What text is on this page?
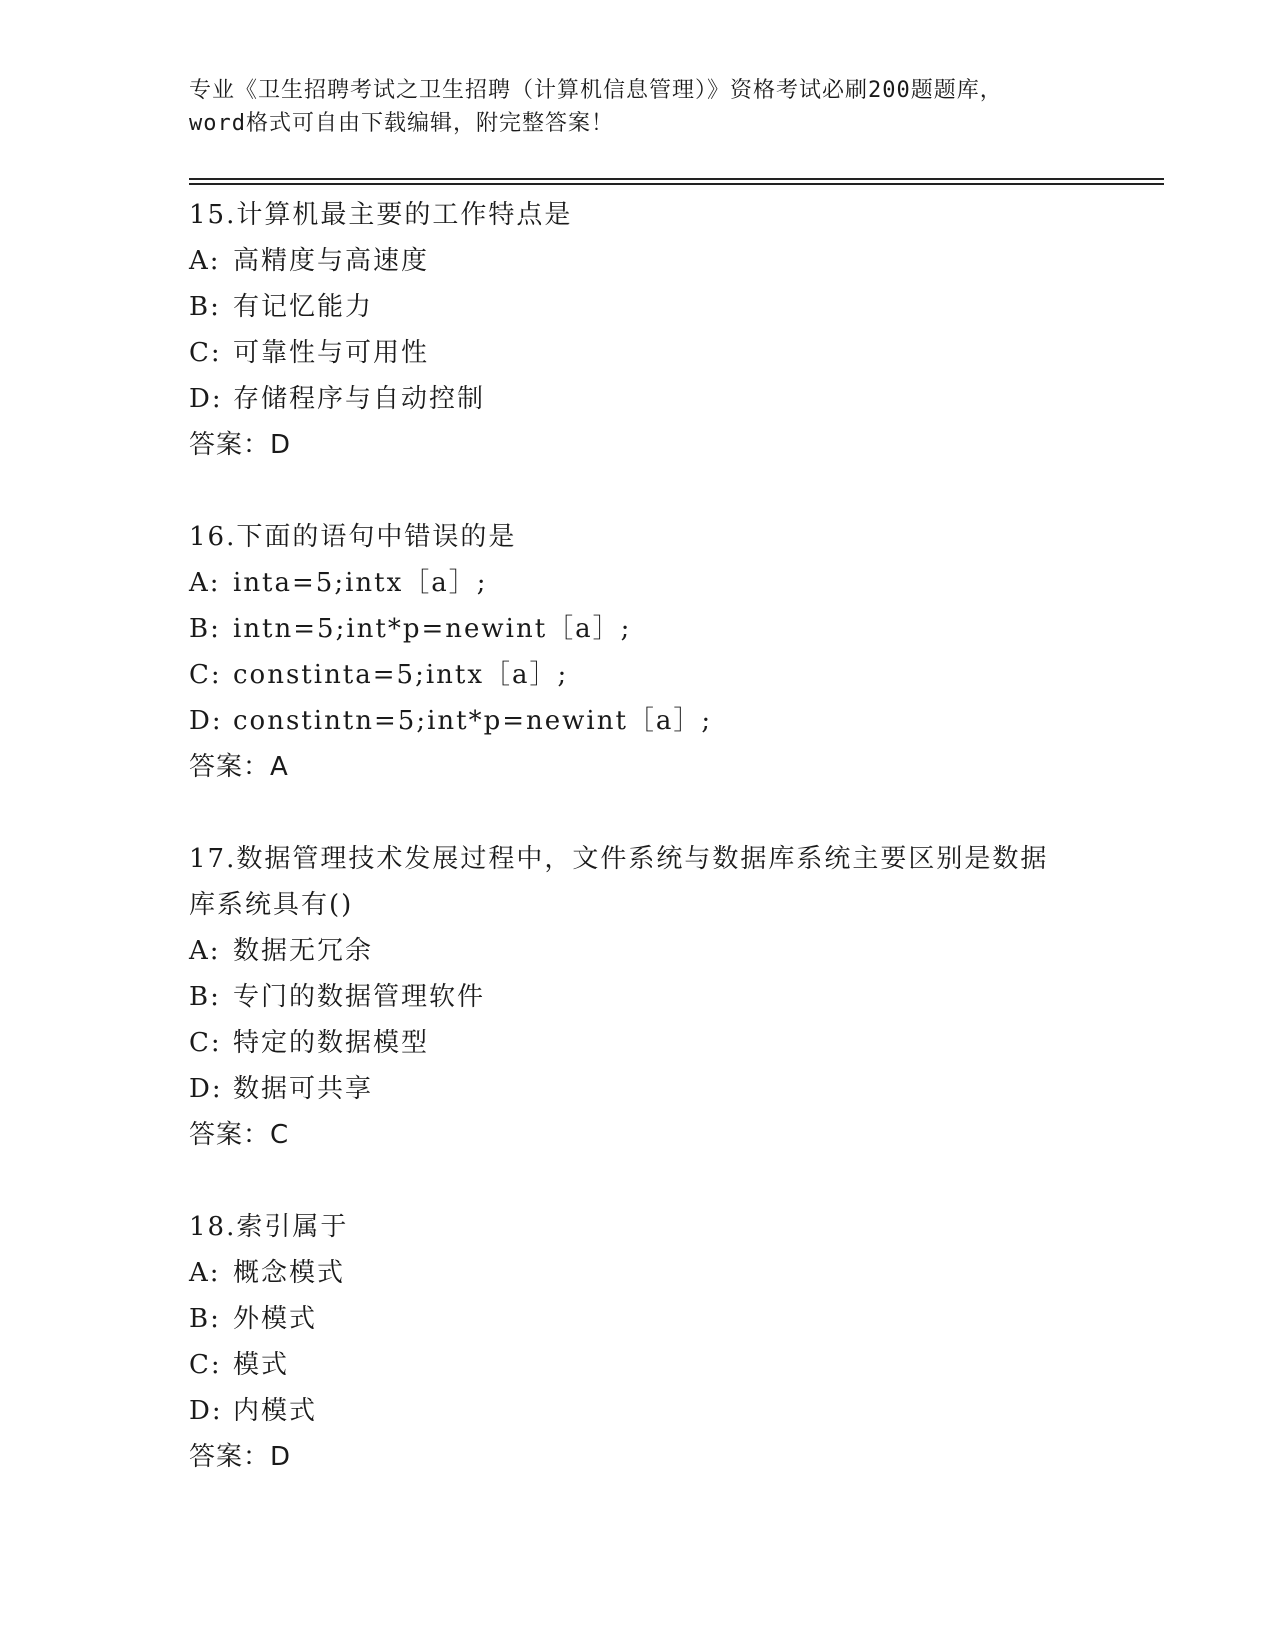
专业《卫生招聘考试之卫生招聘（计算机信息管理）》资格考试必刷200题题库，
word格式可自由下载编辑，附完整答案！
15.计算机最主要的工作特点是
A: 高精度与高速度
B: 有记忆能力
C: 可靠性与可用性
D: 存储程序与自动控制
答案：D
16.下面的语句中错误的是
A: inta=5;intx［a］;
B: intn=5;int*p=newint［a］;
C: constinta=5;intx［a］;
D: constintn=5;int*p=newint［a］;
答案：A
17.数据管理技术发展过程中，文件系统与数据库系统主要区别是数据
库系统具有()
A: 数据无冗余
B: 专门的数据管理软件
C: 特定的数据模型
D: 数据可共享
答案：C
18.索引属于
A: 概念模式
B: 外模式
C: 模式
D: 内模式
答案：D
